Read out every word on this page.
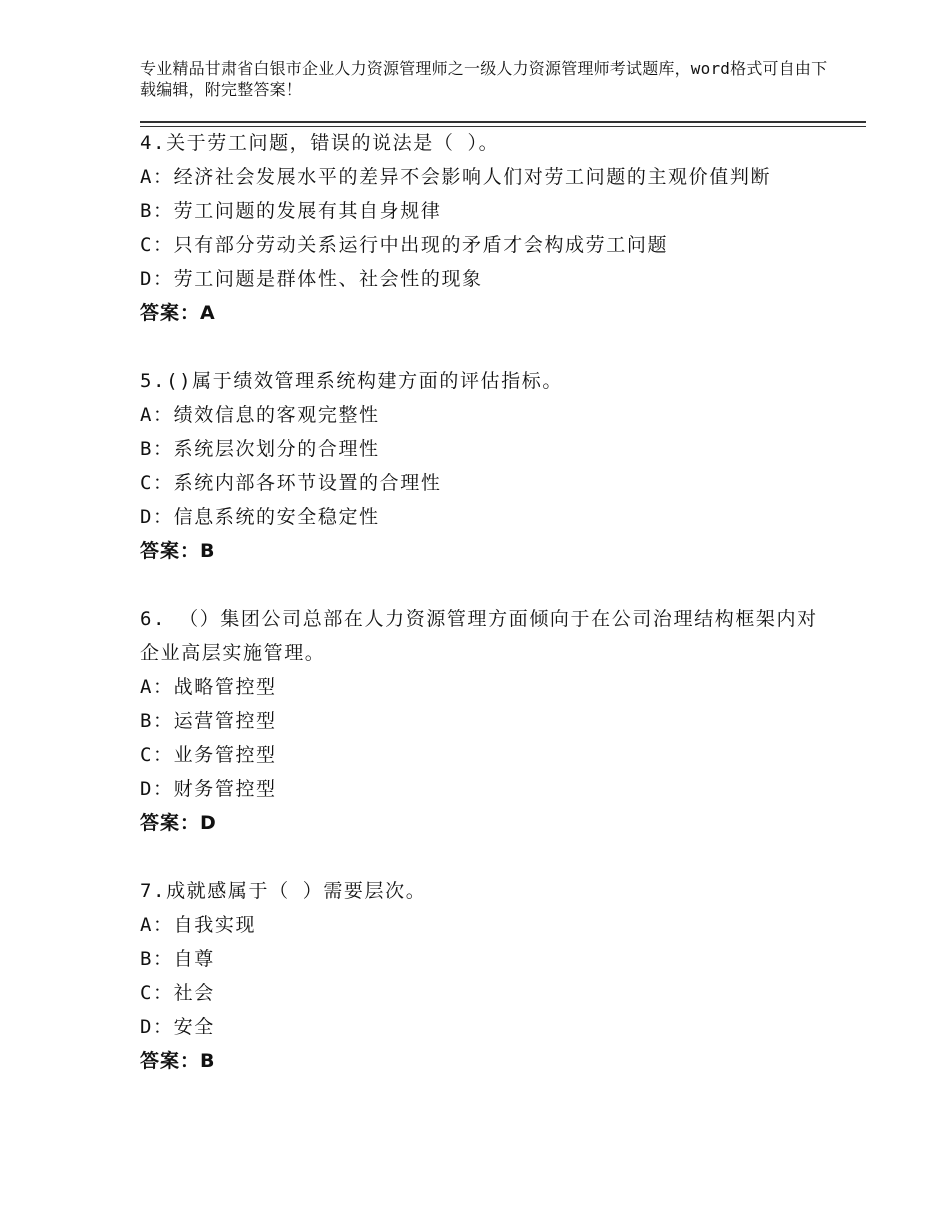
专业精品甘肃省白银市企业人力资源管理师之一级人力资源管理师考试题库，word格式可自由下载编辑，附完整答案！
4.关于劳工问题，错误的说法是（ ）。
A：经济社会发展水平的差异不会影响人们对劳工问题的主观价值判断
B：劳工问题的发展有其自身规律
C：只有部分劳动关系运行中出现的矛盾才会构成劳工问题
D：劳工问题是群体性、社会性的现象
答案：A
5.()属于绩效管理系统构建方面的评估指标。
A：绩效信息的客观完整性
B：系统层次划分的合理性
C：系统内部各环节设置的合理性
D：信息系统的安全稳定性
答案：B
6. （）集团公司总部在人力资源管理方面倾向于在公司治理结构框架内对企业高层实施管理。
A：战略管控型
B：运营管控型
C：业务管控型
D：财务管控型
答案：D
7.成就感属于（ ）需要层次。
A：自我实现
B：自尊
C：社会
D：安全
答案：B
